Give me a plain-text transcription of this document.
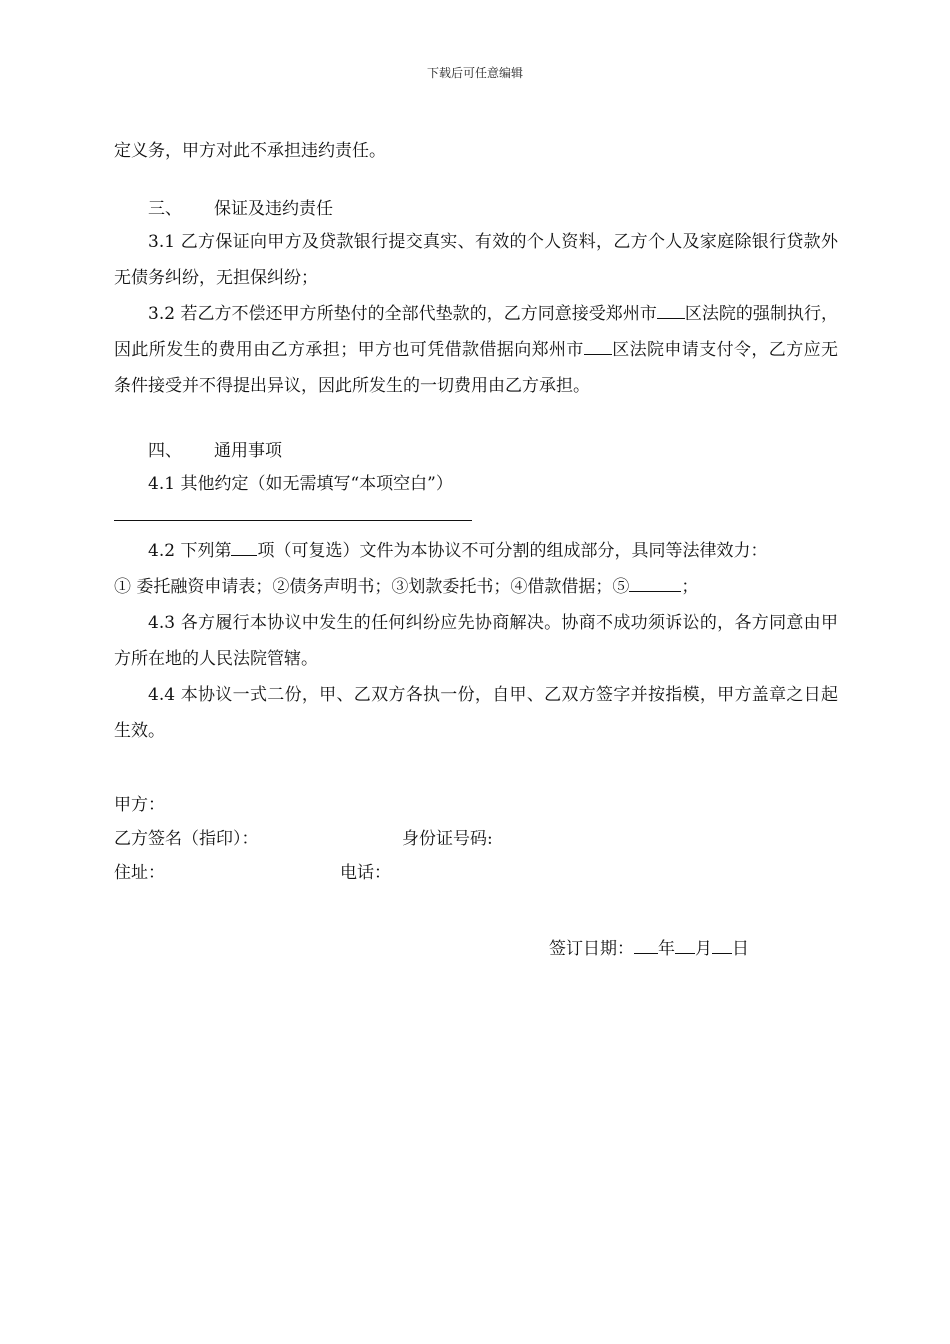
下载后可任意编辑

定义务，甲方对此不承担违约责任。

三、 保证及违约责任

3.1 乙方保证向甲方及贷款银行提交真实、有效的个人资料，乙方个人及家庭除银行贷款外无债务纠纷，无担保纠纷；

3.2 若乙方不偿还甲方所垫付的全部代垫款的，乙方同意接受郑州市 区法院的强制执行，因此所发生的费用由乙方承担；甲方也可凭借款借据向郑州市 区法院申请支付令，乙方应无条件接受并不得提出异议，因此所发生的一切费用由乙方承担。

四、 通用事项

4.1 其他约定（如无需填写“本项空白”）

4.2 下列第 项（可复选）文件为本协议不可分割的组成部分，具同等法律效力：

① 委托融资申请表；②债务声明书；③划款委托书；④借款借据；⑤	；

4.3 各方履行本协议中发生的任何纠纷应先协商解决。协商不成功须诉讼的，各方同意由甲方所在地的人民法院管辖。

4.4 本协议一式二份，甲、乙双方各执一份，自甲、乙双方签字并按指模，甲方盖章之日起生效。

甲方：

乙方签名（指印）：	身份证号码:

住址：	电话：

签订日期： 年 月 日
